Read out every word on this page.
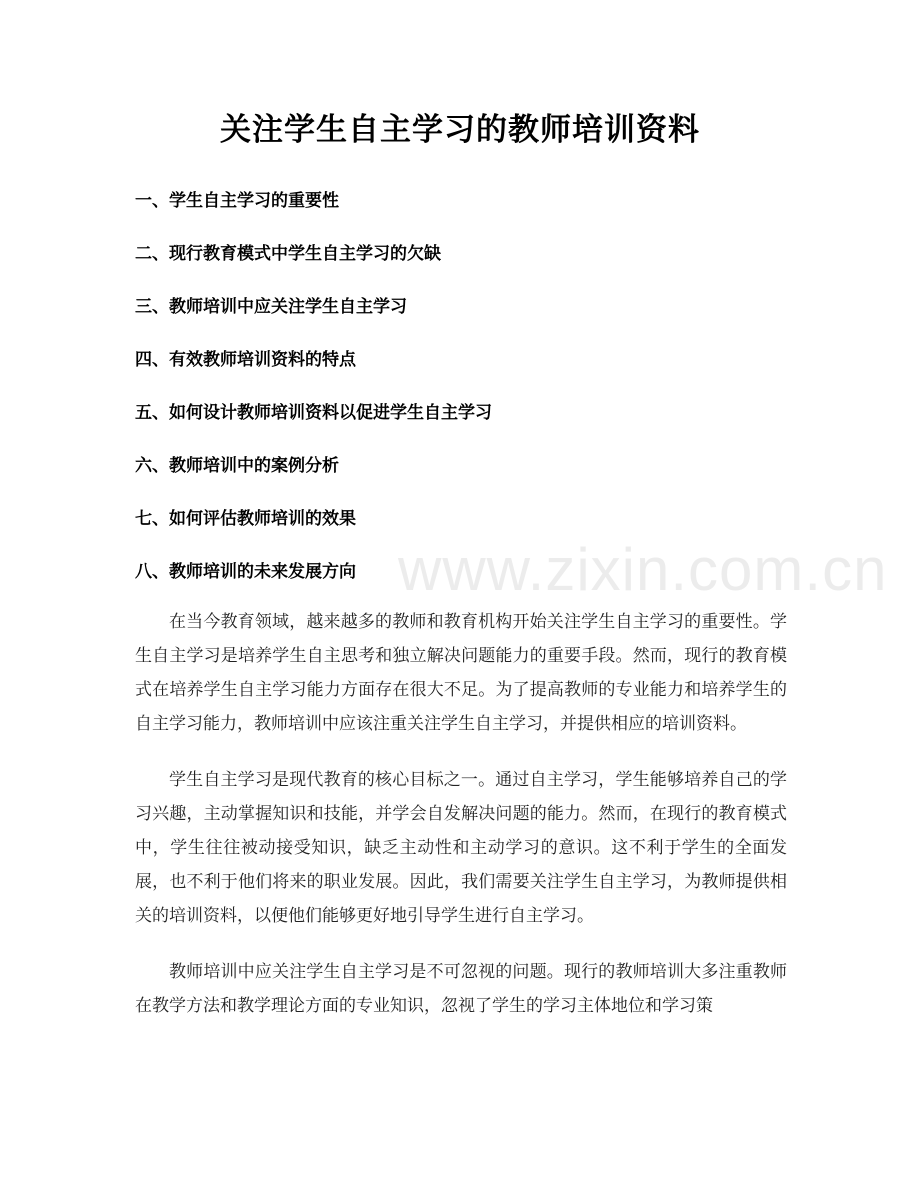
www.zixin.com.cn
关注学生自主学习的教师培训资料
一、学生自主学习的重要性
二、现行教育模式中学生自主学习的欠缺
三、教师培训中应关注学生自主学习
四、有效教师培训资料的特点
五、如何设计教师培训资料以促进学生自主学习
六、教师培训中的案例分析
七、如何评估教师培训的效果
八、教师培训的未来发展方向

在当今教育领域，越来越多的教师和教育机构开始关注学生自主学习的重要性。学生自主学习是培养学生自主思考和独立解决问题能力的重要手段。然而，现行的教育模式在培养学生自主学习能力方面存在很大不足。为了提高教师的专业能力和培养学生的自主学习能力，教师培训中应该注重关注学生自主学习，并提供相应的培训资料。

学生自主学习是现代教育的核心目标之一。通过自主学习，学生能够培养自己的学习兴趣，主动掌握知识和技能，并学会自发解决问题的能力。然而，在现行的教育模式中，学生往往被动接受知识，缺乏主动性和主动学习的意识。这不利于学生的全面发展，也不利于他们将来的职业发展。因此，我们需要关注学生自主学习，为教师提供相关的培训资料，以便他们能够更好地引导学生进行自主学习。

教师培训中应关注学生自主学习是不可忽视的问题。现行的教师培训大多注重教师在教学方法和教学理论方面的专业知识，忽视了学生的学习主体地位和学习策
